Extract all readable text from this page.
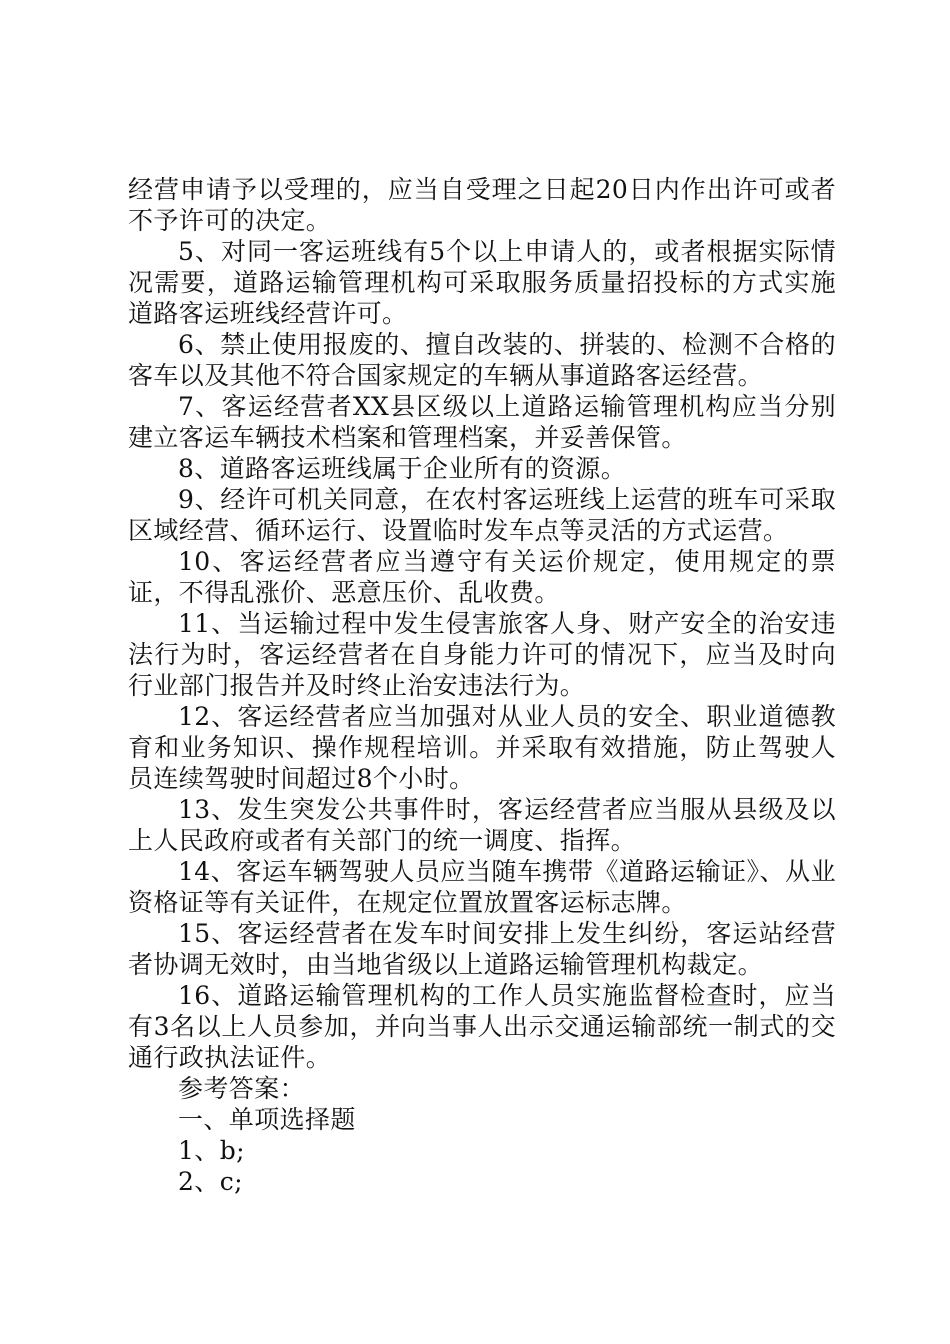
经营申请予以受理的，应当自受理之日起20日内作出许可或者不予许可的决定。

5、对同一客运班线有5个以上申请人的，或者根据实际情况需要，道路运输管理机构可采取服务质量招投标的方式实施道路客运班线经营许可。

6、禁止使用报废的、擅自改装的、拼装的、检测不合格的客车以及其他不符合国家规定的车辆从事道路客运经营。

7、客运经营者XX县区级以上道路运输管理机构应当分别建立客运车辆技术档案和管理档案，并妥善保管。

8、道路客运班线属于企业所有的资源。

9、经许可机关同意，在农村客运班线上运营的班车可采取区域经营、循环运行、设置临时发车点等灵活的方式运营。

10、客运经营者应当遵守有关运价规定，使用规定的票证，不得乱涨价、恶意压价、乱收费。

11、当运输过程中发生侵害旅客人身、财产安全的治安违法行为时，客运经营者在自身能力许可的情况下，应当及时向行业部门报告并及时终止治安违法行为。

12、客运经营者应当加强对从业人员的安全、职业道德教育和业务知识、操作规程培训。并采取有效措施，防止驾驶人员连续驾驶时间超过8个小时。

13、发生突发公共事件时，客运经营者应当服从县级及以上人民政府或者有关部门的统一调度、指挥。

14、客运车辆驾驶人员应当随车携带《道路运输证》、从业资格证等有关证件，在规定位置放置客运标志牌。

15、客运经营者在发车时间安排上发生纠纷，客运站经营者协调无效时，由当地省级以上道路运输管理机构裁定。

16、道路运输管理机构的工作人员实施监督检查时，应当有3名以上人员参加，并向当事人出示交通运输部统一制式的交通行政执法证件。

参考答案：

一、单项选择题

1、b;

2、c;
